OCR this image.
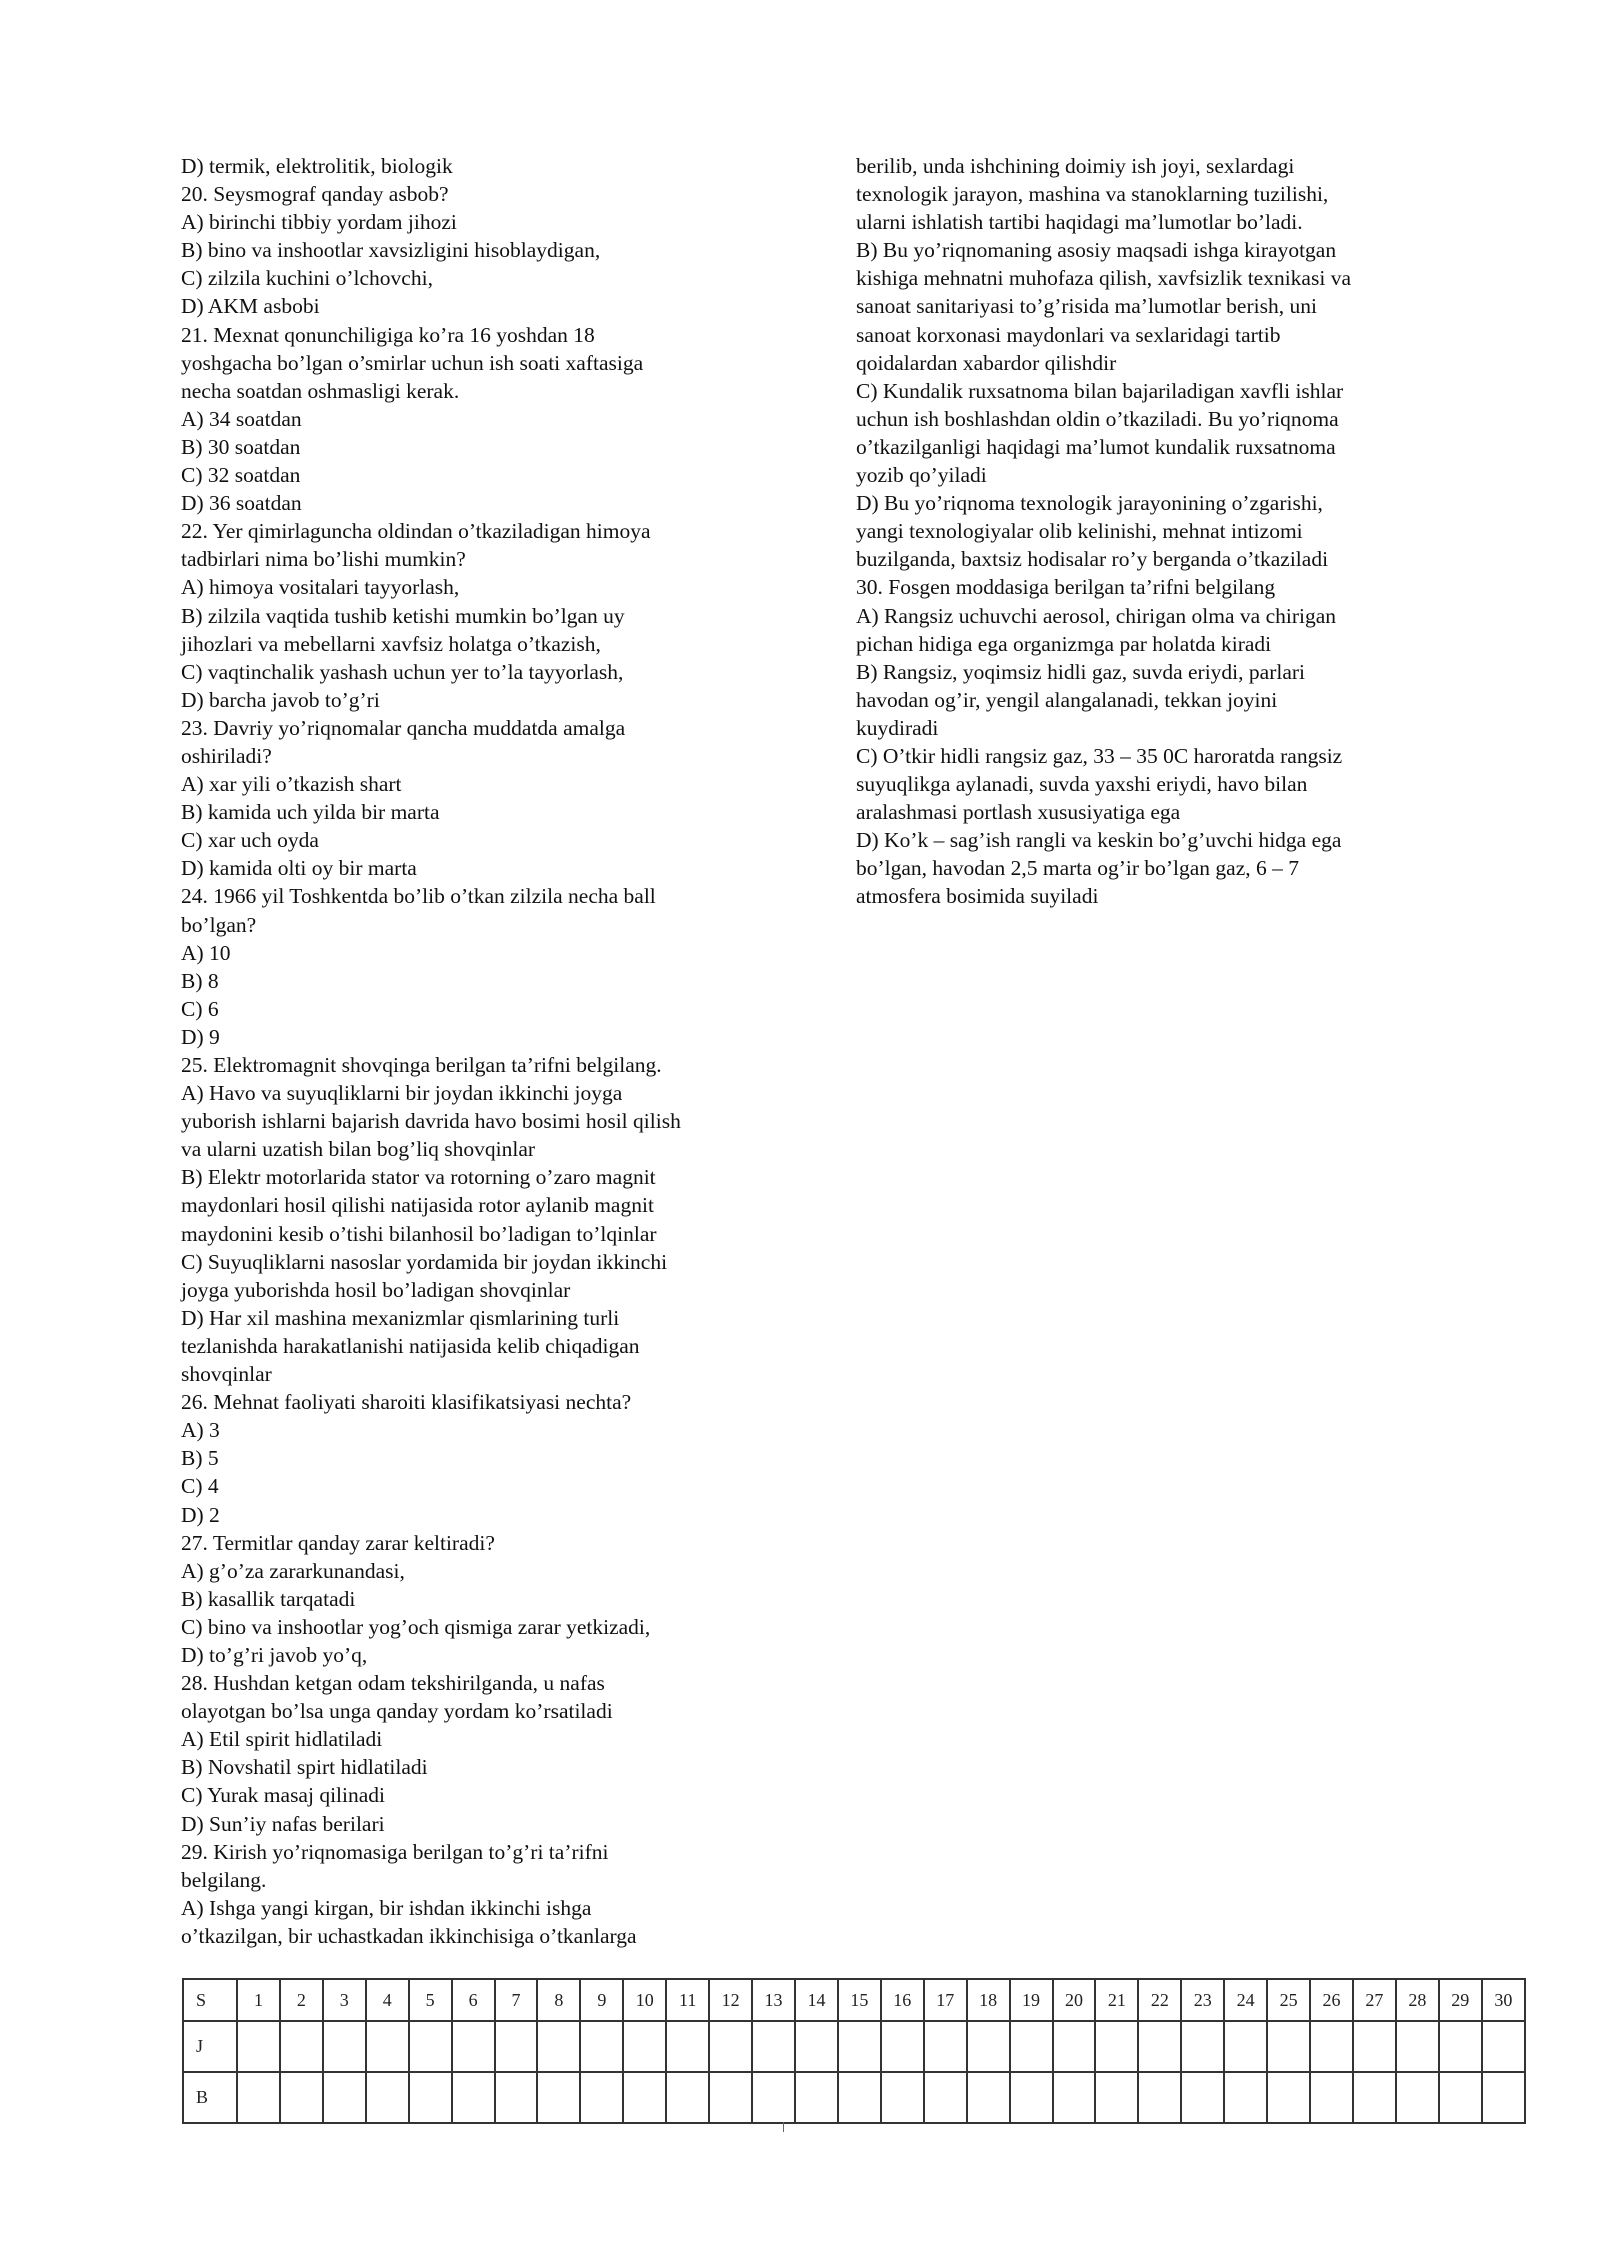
D) termik, elektrolitik, biologik
20. Seysmograf qanday asbob?
A) birinchi tibbiy yordam jihozi
B) bino va inshootlar xavsizligini hisoblaydigan,
C) zilzila kuchini o’lchovchi,
D) AKM asbobi
21. Mexnat qonunchiligiga ko’ra 16 yoshdan 18
yoshgacha bo’lgan o’smirlar uchun ish soati xaftasiga
necha soatdan oshmasligi kerak.
A) 34 soatdan
B) 30 soatdan
C) 32 soatdan
D) 36 soatdan
22. Yer qimirlaguncha oldindan o’tkaziladigan himoya
tadbirlari nima bo’lishi mumkin?
A) himoya vositalari tayyorlash,
B) zilzila vaqtida tushib ketishi mumkin bo’lgan uy
jihozlari va mebellarni xavfsiz holatga o’tkazish,
C) vaqtinchalik yashash uchun yer to’la tayyorlash,
D) barcha javob to’g’ri
23. Davriy yo’riqnomalar qancha muddatda amalga
oshiriladi?
A) xar yili o’tkazish shart
B) kamida uch yilda bir marta
C) xar uch oyda
D) kamida olti oy bir marta
24. 1966 yil Toshkentda bo’lib o’tkan zilzila necha ball
bo’lgan?
A) 10
B) 8
C) 6
D) 9
25. Elektromagnit shovqinga berilgan ta’rifni belgilang.
A) Havo va suyuqliklarni bir joydan ikkinchi joyga
yuborish ishlarni bajarish davrida havo bosimi hosil qilish
va ularni uzatish bilan bog’liq shovqinlar
B) Elektr motorlarida stator va rotorning o’zaro magnit
maydonlari hosil qilishi natijasida rotor aylanib magnit
maydonini kesib o’tishi bilanhosil bo’ladigan to’lqinlar
C) Suyuqliklarni nasoslar yordamida bir joydan ikkinchi
joyga yuborishda hosil bo’ladigan shovqinlar
D) Har xil mashina mexanizmlar qismlarining turli
tezlanishda harakatlanishi natijasida kelib chiqadigan
shovqinlar
26. Mehnat faoliyati sharoiti klasifikatsiyasi nechta?
A) 3
B) 5
C) 4
D) 2
27. Termitlar qanday zarar keltiradi?
A) g’o’za zararkunandasi,
B) kasallik tarqatadi
C) bino va inshootlar yog’och qismiga zarar yetkizadi,
D) to’g’ri javob yo’q,
28. Hushdan ketgan odam tekshirilganda, u nafas
olayotgan bo’lsa unga qanday yordam ko’rsatiladi
A) Etil spirit hidlatiladi
B) Novshatil spirt hidlatiladi
C) Yurak masaj qilinadi
D) Sun’iy nafas berilari
29. Kirish yo’riqnomasiga berilgan to’g’ri ta’rifni
belgilang.
A) Ishga yangi kirgan, bir ishdan ikkinchi ishga
o’tkazilgan, bir uchastkadan ikkinchisiga o’tkanlarga
berilib, unda ishchining doimiy ish joyi, sexlardagi
texnologik jarayon, mashina va stanoklarning tuzilishi,
ularni ishlatish tartibi haqidagi ma’lumotlar bo’ladi.
B) Bu yo’riqnomaning asosiy maqsadi ishga kirayotgan
kishiga mehnatni muhofaza qilish, xavfsizlik texnikasi va
sanoat sanitariyasi to’g’risida ma’lumotlar berish, uni
sanoat korxonasi maydonlari va sexlaridagi tartib
qoidalardan xabardor qilishdir
C) Kundalik ruxsatnoma bilan bajariladigan xavfli ishlar
uchun ish boshlashdan oldin o’tkaziladi. Bu yo’riqnoma
o’tkazilganligi haqidagi ma’lumot kundalik ruxsatnoma
yozib qo’yiladi
D) Bu yo’riqnoma texnologik jarayonining o’zgarishi,
yangi texnologiyalar olib kelinishi, mehnat intizomi
buzilganda, baxtsiz hodisalar ro’y berganda o’tkaziladi
30. Fosgen moddasiga berilgan ta’rifni belgilang
A) Rangsiz uchuvchi aerosol, chirigan olma va chirigan
pichan hidiga ega organizmga par holatda kiradi
B) Rangsiz, yoqimsiz hidli gaz, suvda eriydi, parlari
havodan og’ir, yengil alangalanadi, tekkan joyini
kuydiradi
C) O’tkir hidli rangsiz gaz, 33 – 35 0C haroratda rangsiz
suyuqlikga aylanadi, suvda yaxshi eriydi, havo bilan
aralashmasi portlash xususiyatiga ega
D) Ko’k – sag’ish rangli va keskin bo’g’uvchi hidga ega
bo’lgan, havodan 2,5 marta og’ir bo’lgan gaz, 6 – 7
atmosfera bosimida suyiladi
S	1	2	3	4	5	6	7	8	9	10	11	12	13	14	15	16	17	18	19	20	21	22	23	24	25	26	27	28	29	30
J																														
B																														
